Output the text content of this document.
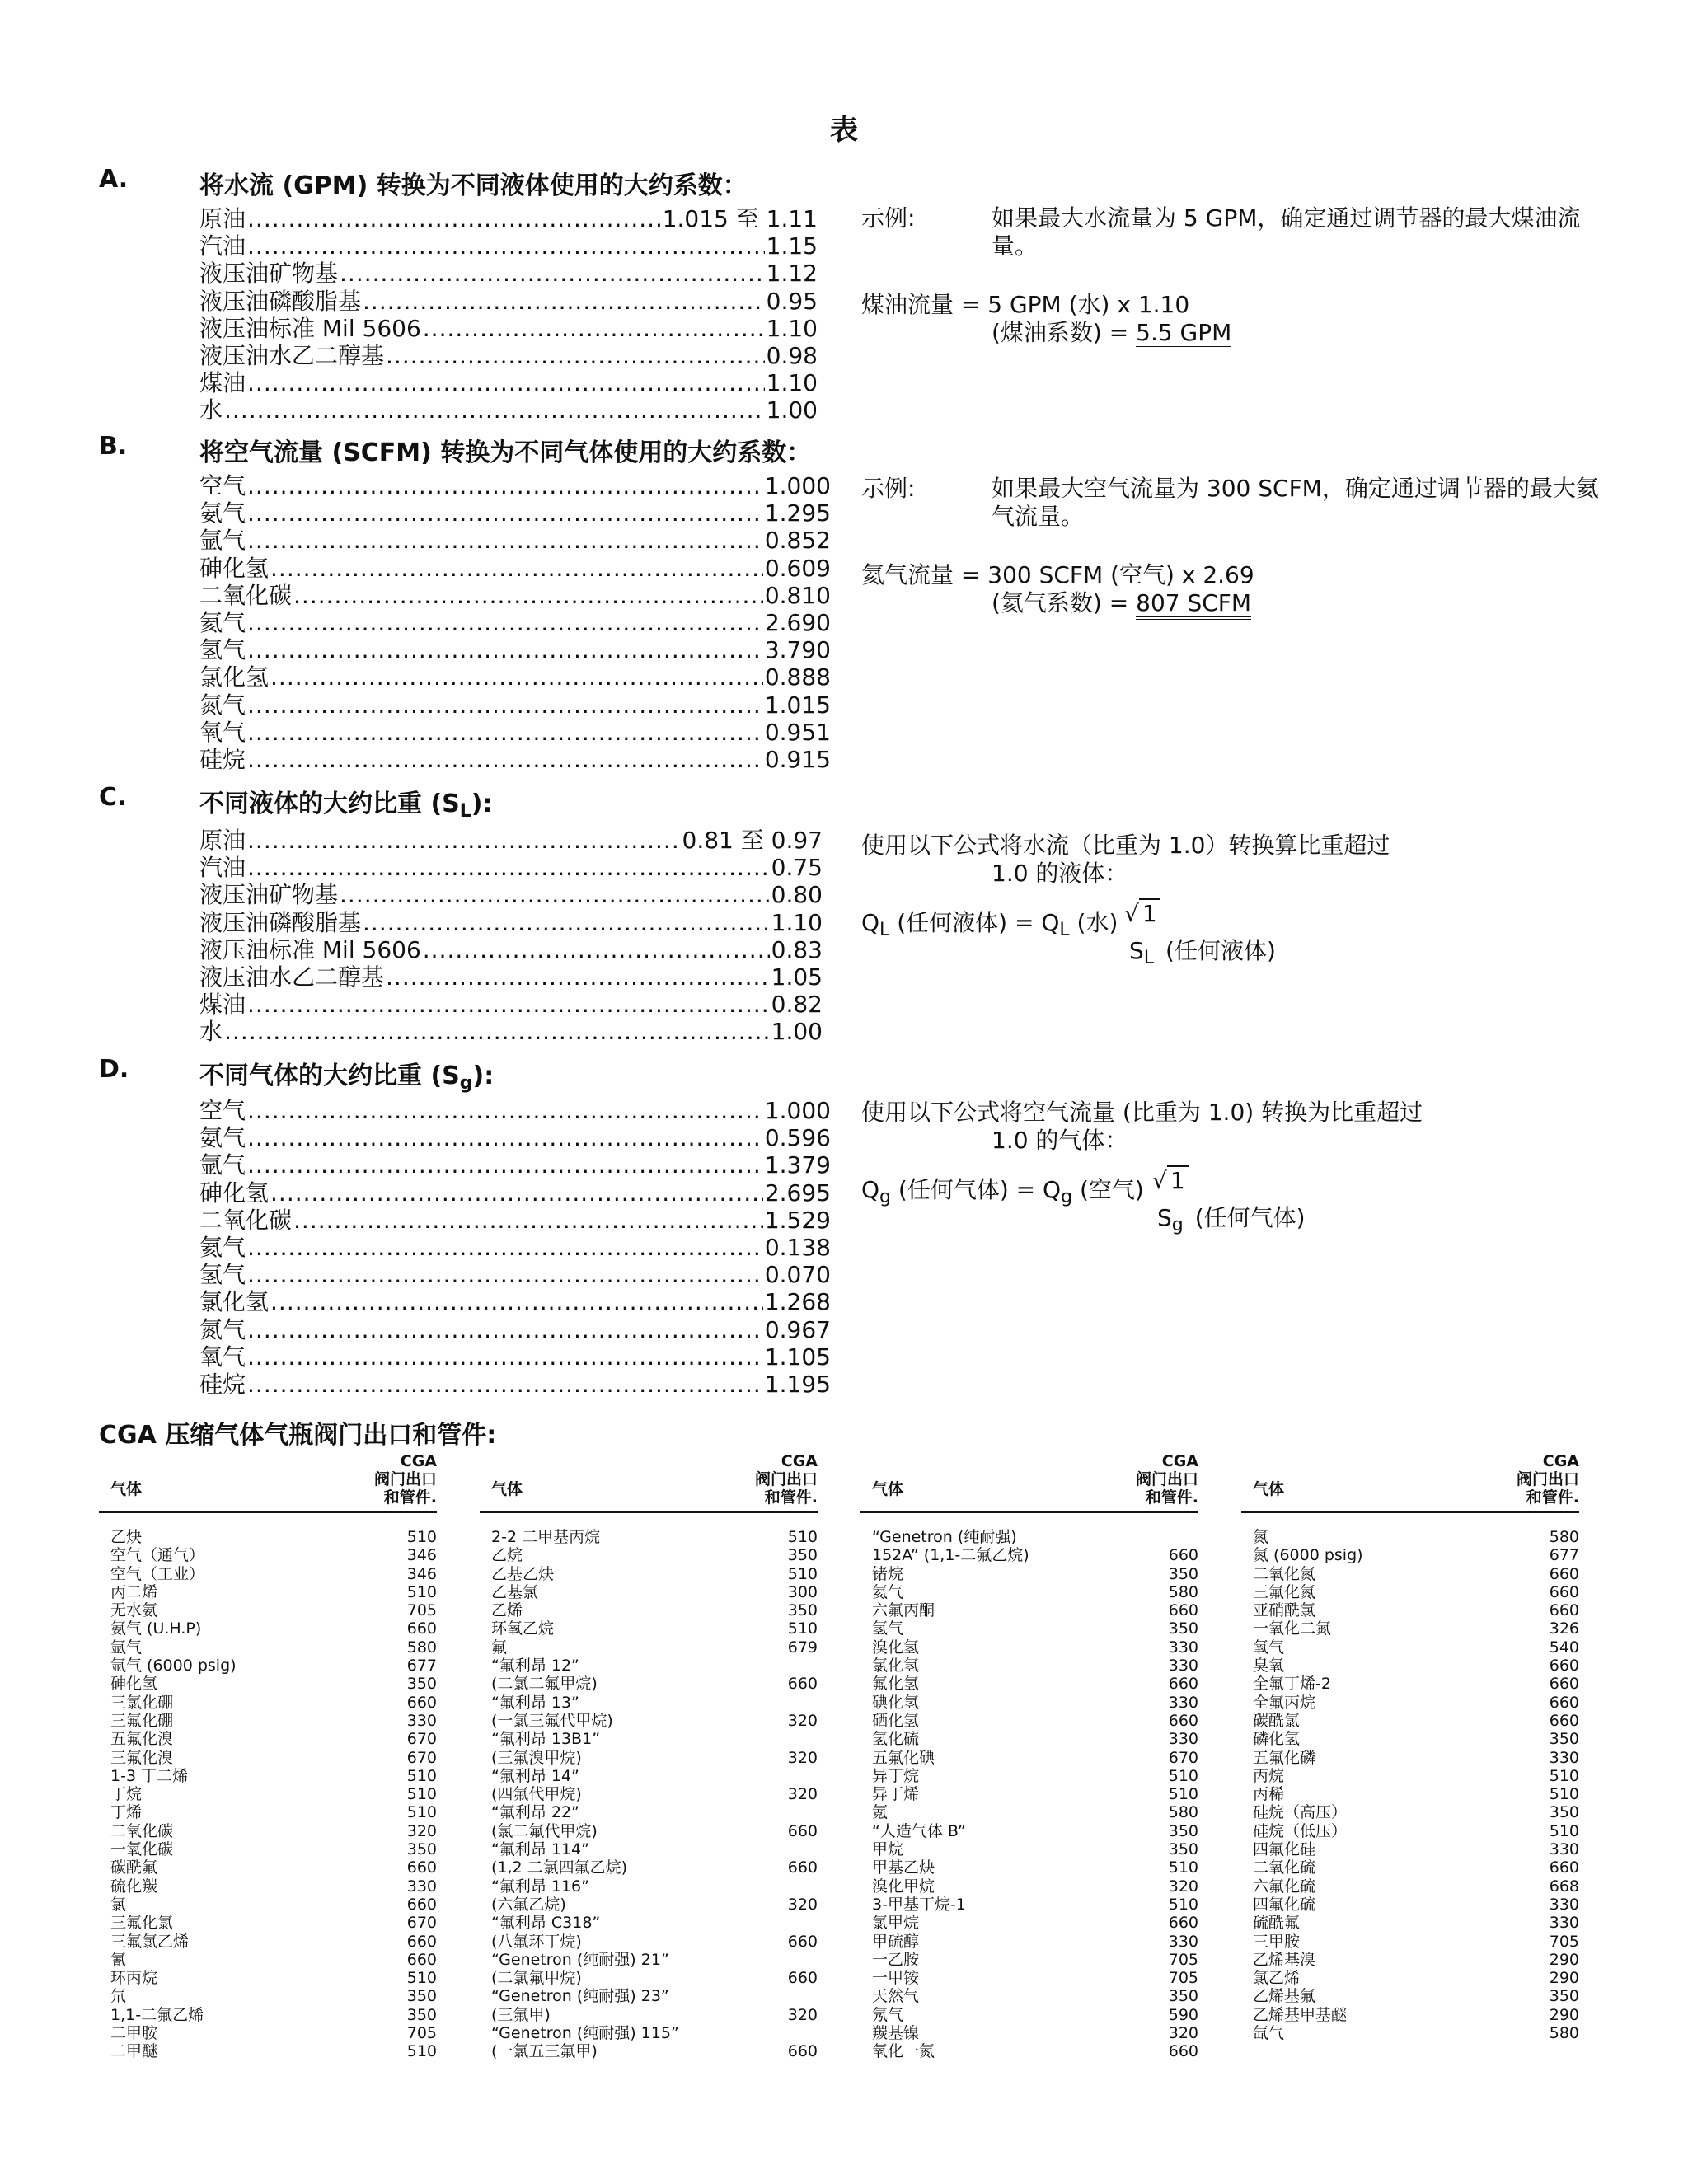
表
A.	将水流 (GPM) 转换为不同液体使用的大约系数：
原油 .....	1.015 至 1.11
汽油 .....	1.15
液压油矿物基 .....	1.12
液压油磷酸脂基 .....	0.95
液压油标准 Mil 5606 .....	1.10
液压油水乙二醇基 .....	0.98
煤油 .....	1.10
水 .....	1.00
B.	将空气流量 (SCFM) 转换为不同气体使用的大约系数：
空气 .....	1.000
氨气 .....	1.295
氩气 .....	0.852
砷化氢 .....	0.609
二氧化碳 .....	0.810
氦气 .....	2.690
氢气 .....	3.790
氯化氢 .....	0.888
氮气 .....	1.015
氧气 .....	0.951
硅烷 .....	0.915
C.	不同液体的大约比重 $(S_L)$:
原油 .....	0.81 至 0.97
汽油 .....	0.75
液压油矿物基 .....	0.80
液压油磷酸脂基 .....	1.10
液压油标准 Mil 5606 .....	0.83
液压油水乙二醇基 .....	1.05
煤油 .....	0.82
水 .....	1.00
D.	不同气体的大约比重 $(S_g)$:
空气 .....	1.000
氨气 .....	0.596
氩气 .....	1.379
砷化氢 .....	2.695
二氧化碳 .....	1.529
氦气 .....	0.138
氢气 .....	0.070
氯化氢 .....	1.268
氮气 .....	0.967
氧气 .....	1.105
硅烷 .....	1.195
示例:	如果最大水流量为 5 GPM，确定通过调节器的最大煤油流量。
煤油流量 = 5 GPM (水) x 1.10
(煤油系数) = 5.5 GPM
示例:	如果最大空气流量为 300 SCFM，确定通过调节器的最大氦气流量。
氦气流量 = 300 SCFM (空气) x 2.69
(氦气系数) = 807 SCFM
使用以下公式将水流（比重为 1.0）转换算比重超过
1.0 的液体：
$Q_L$ (任何液体) = $Q_L$ (水) √ 1
$S_L$ (任何液体)
使用以下公式将空气流量 (比重为 1.0) 转换为比重超过
1.0 的气体：
$Q_g$ (任何气体) = $Q_g$ (空气) √ 1
$S_g$ (任何气体)
CGA 压缩气体气瓶阀门出口和管件:
气体
CGA
阀门出口
和管件.
乙炔	510
空气（通气）	346
空气（工业）	346
丙二烯	510
无水氨	705
氨气 (U.H.P)	660
氩气	580
氩气 (6000 psig)	677
砷化氢	350
三氯化硼	660
三氟化硼	330
五氟化溴	670
三氟化溴	670
1-3 丁二烯	510
丁烷	510
丁烯	510
二氧化碳	320
一氧化碳	350
碳酰氟	660
硫化羰	330
氯	660
三氟化氯	670
三氟氯乙烯	660
氰	660
环丙烷	510
氘	350
1,1-二氟乙烯	350
二甲胺	705
二甲醚	510
气体
CGA
阀门出口
和管件.
2-2 二甲基丙烷	510
乙烷	350
乙基乙炔	510
乙基氯	300
乙烯	350
环氧乙烷	510
氟	679
“氟利昂 12”
(二氯二氟甲烷)	660
“氟利昂 13”
(一氯三氟代甲烷)	320
“氟利昂 13B1”
(三氟溴甲烷)	320
“氟利昂 14”
(四氟代甲烷)	320
“氟利昂 22”
(氯二氟代甲烷)	660
“氟利昂 114”
(1,2 二氯四氟乙烷)	660
“氟利昂 116”
(六氟乙烷)	320
“氟利昂 C318”
(八氟环丁烷)	660
“Genetron (纯耐强) 21”
(二氯氟甲烷)	660
“Genetron (纯耐强) 23”
(三氟甲)	320
“Genetron (纯耐强) 115”
(一氯五三氟甲)	660
气体
CGA
阀门出口
和管件.
“Genetron (纯耐强)
152A” (1,1-二氟乙烷)	660
锗烷	350
氦气	580
六氟丙酮	660
氢气	350
溴化氢	330
氯化氢	330
氟化氢	660
碘化氢	330
硒化氢	660
氢化硫	330
五氟化碘	670
异丁烷	510
异丁烯	510
氪	580
“人造气体 B”	350
甲烷	350
甲基乙炔	510
溴化甲烷	320
3-甲基丁烷-1	510
氯甲烷	660
甲硫醇	330
一乙胺	705
一甲铵	705
天然气	350
氖气	590
羰基镍	320
氧化一氮	660
气体
CGA
阀门出口
和管件.
氮	580
氮 (6000 psig)	677
二氧化氮	660
三氟化氮	660
亚硝酰氯	660
一氧化二氮	326
氧气	540
臭氧	660
全氟丁烯-2	660
全氟丙烷	660
碳酰氯	660
磷化氢	350
五氟化磷	330
丙烷	510
丙稀	510
硅烷（高压）	350
硅烷（低压）	510
四氟化硅	330
二氧化硫	660
六氟化硫	668
四氟化硫	330
硫酰氟	330
三甲胺	705
乙烯基溴	290
氯乙烯	290
乙烯基氟	350
乙烯基甲基醚	290
氙气	580
